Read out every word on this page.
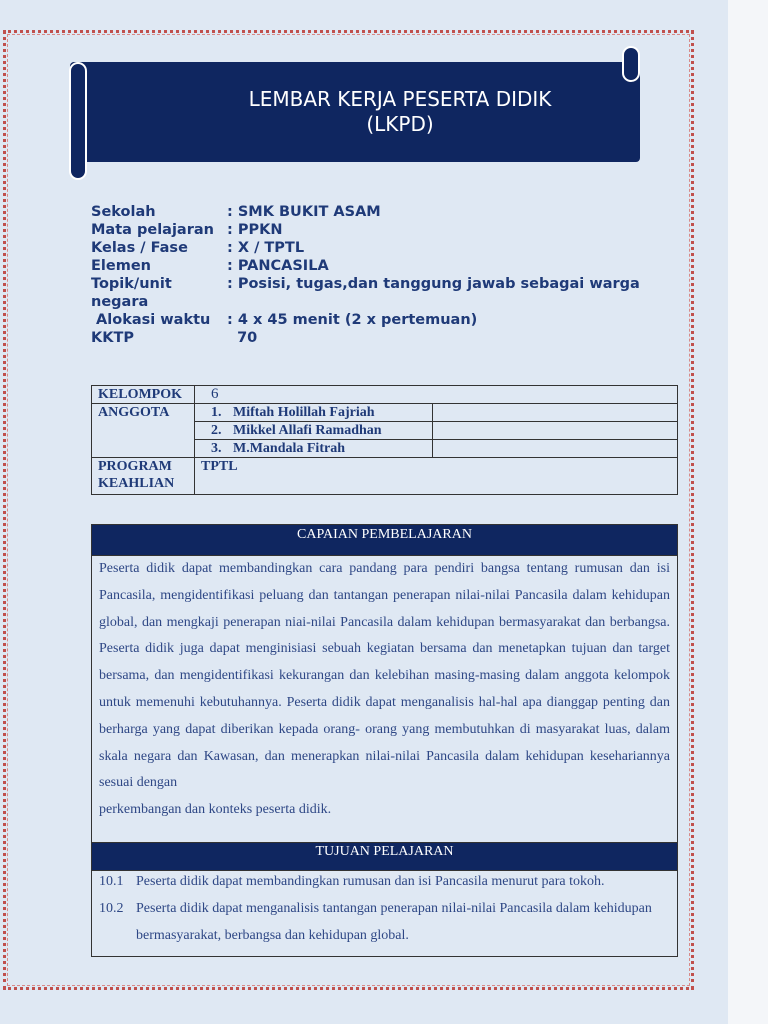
LEMBAR KERJA PESERTA DIDIK
(LKPD)
Sekolah	: SMK BUKIT ASAM
Mata pelajaran : PPKN
Kelas / Fase	: X / TPTL
Elemen	: PANCASILA
Topik/unit
negara
: Posisi, tugas,dan tanggung jawab sebagai warga
Alokasi waktu : 4 x 45 menit (2 x pertemuan)
KKTP	70
KELOMPOK	6	
ANGGOTA	1. Miftah Holillah Fajriah	
	2. Mikkel Allafi Ramadhan	
	3. M.Mandala Fitrah	

PROGRAM
KEAHLIAN	TPTL	
CAPAIAN PEMBELAJARAN

Peserta didik dapat membandingkan cara pandang para pendiri bangsa tentang rumusan dan isi Pancasila, mengidentifikasi peluang dan tantangan penerapan nilai-nilai Pancasila dalam kehidupan global, dan mengkaji penerapan niai-nilai Pancasila dalam kehidupan bermasyarakat dan berbangsa. Peserta didik juga dapat menginisiasi sebuah kegiatan bersama dan menetapkan tujuan dan target bersama, dan mengidentifikasi kekurangan dan kelebihan masing-masing dalam anggota kelompok untuk memenuhi kebutuhannya. Peserta didik dapat menganalisis hal-hal apa dianggap penting dan berharga yang dapat diberikan kepada orang- orang yang membutuhkan di masyarakat luas, dalam skala negara dan Kawasan, dan menerapkan nilai-nilai Pancasila dalam kehidupan kesehariannya sesuai dengan

perkembangan dan konteks peserta didik.

TUJUAN PELAJARAN
10.1 Peserta didik dapat membandingkan rumusan dan isi Pancasila menurut para tokoh.
10.2 Peserta didik dapat menganalisis tantangan penerapan nilai-nilai Pancasila dalam kehidupan bermasyarakat, berbangsa dan kehidupan global.
